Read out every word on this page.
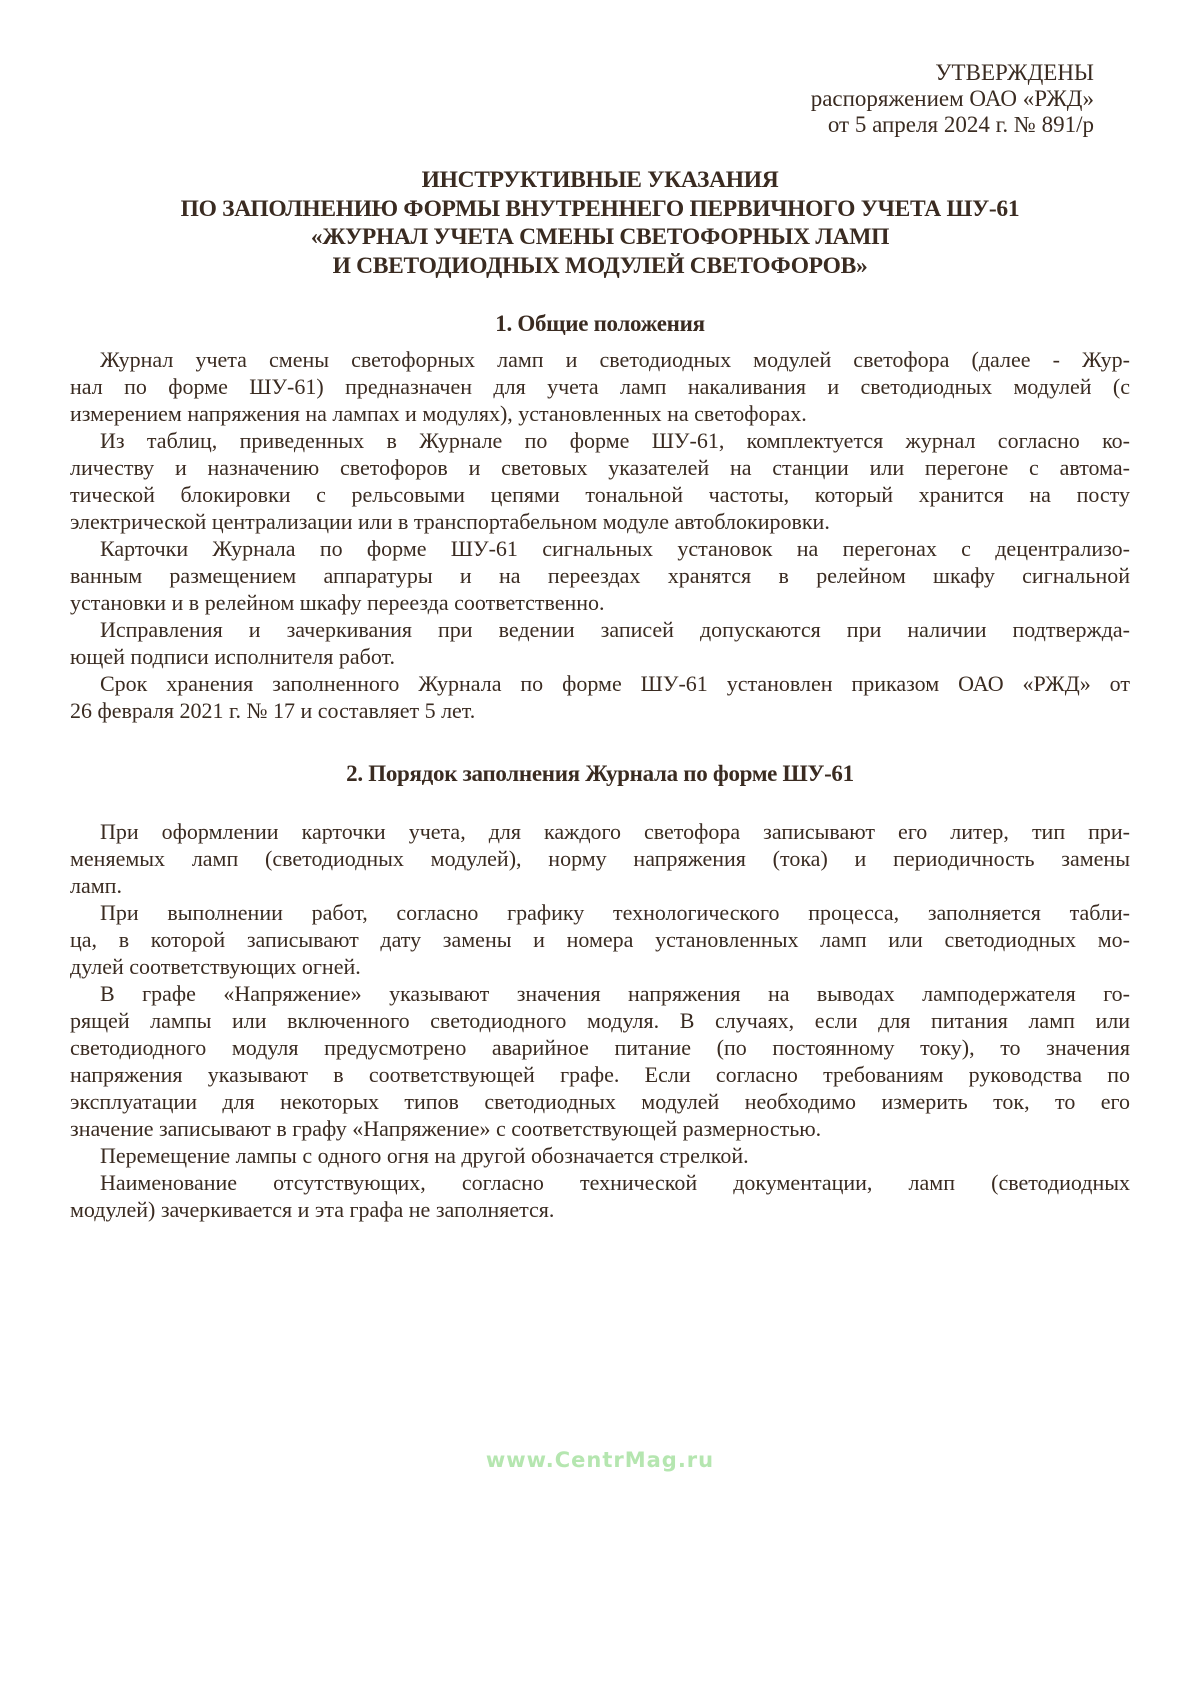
УТВЕРЖДЕНЫ
распоряжением ОАО «РЖД»
от 5 апреля 2024 г. № 891/р
ИНСТРУКТИВНЫЕ УКАЗАНИЯ
ПО ЗАПОЛНЕНИЮ ФОРМЫ ВНУТРЕННЕГО ПЕРВИЧНОГО УЧЕТА ШУ-61
«ЖУРНАЛ УЧЕТА СМЕНЫ СВЕТОФОРНЫХ ЛАМП
И СВЕТОДИОДНЫХ МОДУЛЕЙ СВЕТОФОРОВ»
1. Общие положения
Журнал учета смены светофорных ламп и светодиодных модулей светофора (далее - Жур-
нал по форме ШУ-61) предназначен для учета ламп накаливания и светодиодных модулей (с
измерением напряжения на лампах и модулях), установленных на светофорах.
Из таблиц, приведенных в Журнале по форме ШУ-61, комплектуется журнал согласно ко-
личеству и назначению светофоров и световых указателей на станции или перегоне с автома-
тической блокировки с рельсовыми цепями тональной частоты, который хранится на посту
электрической централизации или в транспортабельном модуле автоблокировки.
Карточки Журнала по форме ШУ-61 сигнальных установок на перегонах с децентрализо-
ванным размещением аппаратуры и на переездах хранятся в релейном шкафу сигнальной
установки и в релейном шкафу переезда соответственно.
Исправления и зачеркивания при ведении записей допускаются при наличии подтвержда-
ющей подписи исполнителя работ.
Срок хранения заполненного Журнала по форме ШУ-61 установлен приказом ОАО «РЖД» от
26 февраля 2021 г. № 17 и составляет 5 лет.
2. Порядок заполнения Журнала по форме ШУ-61
При оформлении карточки учета, для каждого светофора записывают его литер, тип при-
меняемых ламп (светодиодных модулей), норму напряжения (тока) и периодичность замены
ламп.
При выполнении работ, согласно графику технологического процесса, заполняется табли-
ца, в которой записывают дату замены и номера установленных ламп или светодиодных мо-
дулей соответствующих огней.
В графе «Напряжение» указывают значения напряжения на выводах ламподержателя го-
рящей лампы или включенного светодиодного модуля. В случаях, если для питания ламп или
светодиодного модуля предусмотрено аварийное питание (по постоянному току), то значения
напряжения указывают в соответствующей графе. Если согласно требованиям руководства по
эксплуатации для некоторых типов светодиодных модулей необходимо измерить ток, то его
значение записывают в графу «Напряжение» с соответствующей размерностью.
Перемещение лампы с одного огня на другой обозначается стрелкой.
Наименование отсутствующих, согласно технической документации, ламп (светодиодных
модулей) зачеркивается и эта графа не заполняется.
www.CentrMag.ru
